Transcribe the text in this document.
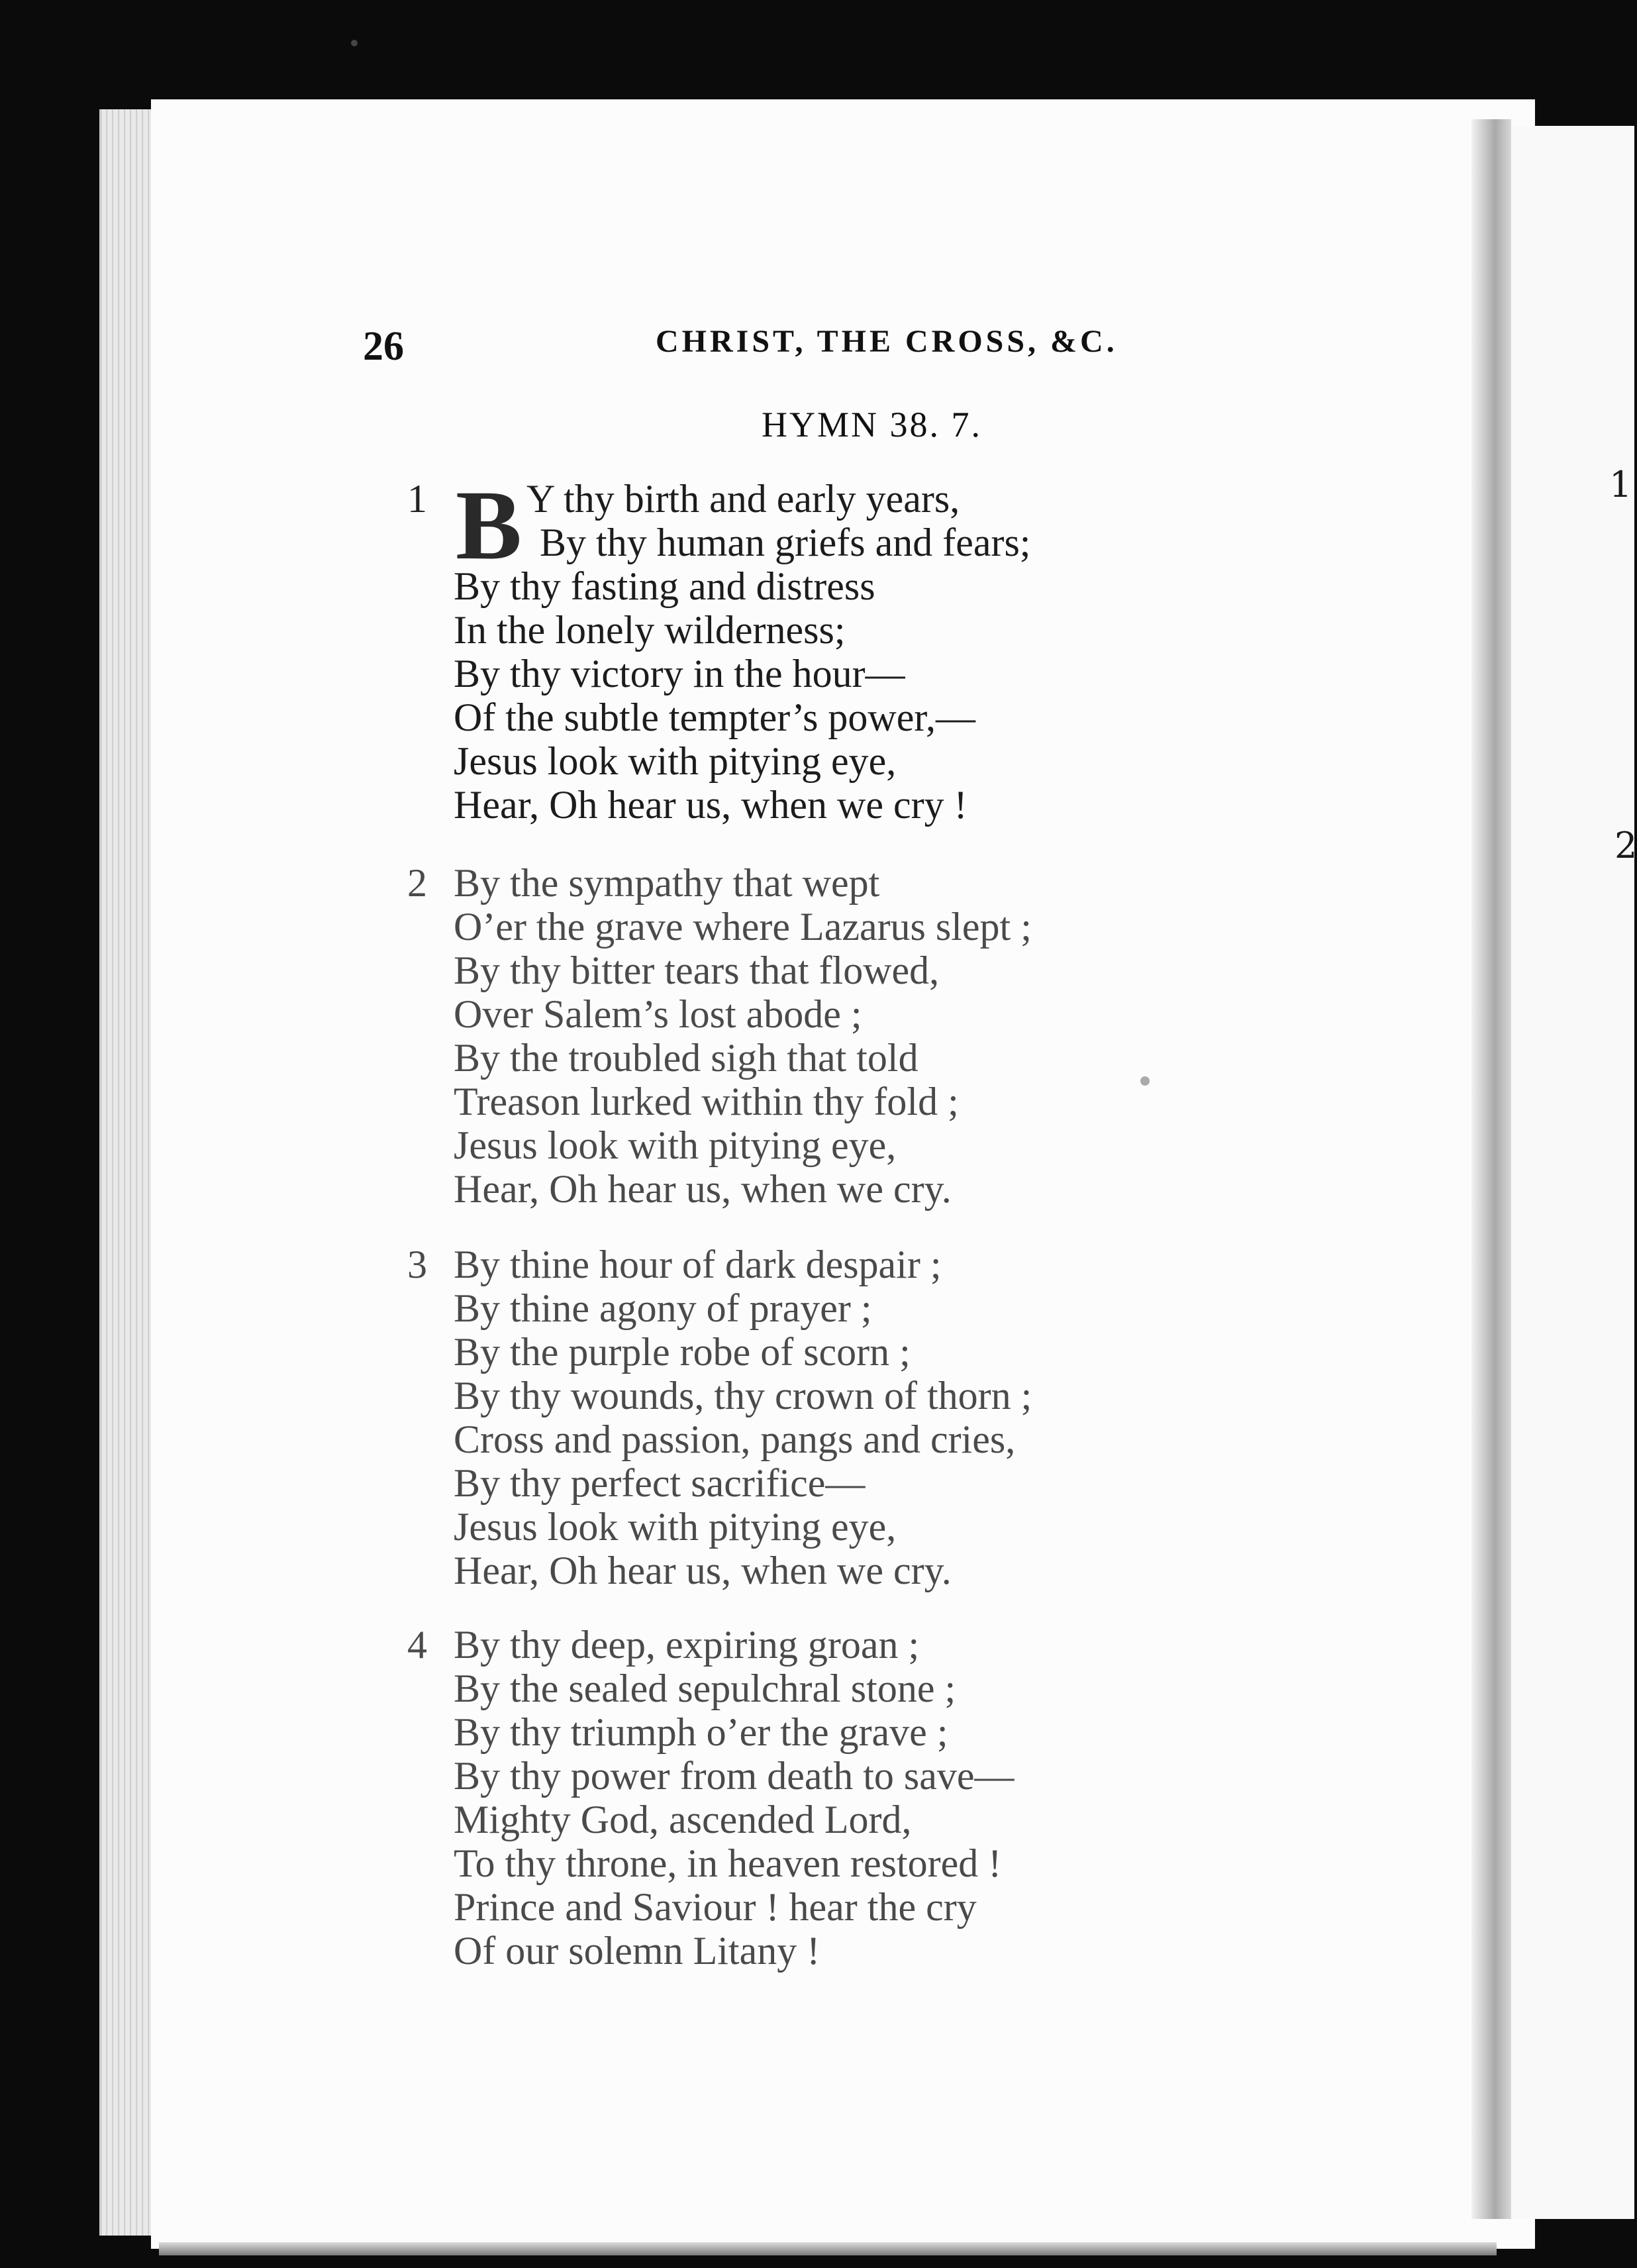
1
2
26	CHRIST, THE CROSS, &C.
HYMN 38. 7.
B
1	Y thy birth and early years,
By thy human griefs and fears;
By thy fasting and distress
In the lonely wilderness;
By thy victory in the hour—
Of the subtle tempter’s power,—
Jesus look with pitying eye,
Hear, Oh hear us, when we cry !
2 By the sympathy that wept
O’er the grave where Lazarus slept ;
By thy bitter tears that flowed,
Over Salem’s lost abode ;
By the troubled sigh that told
Treason lurked within thy fold ;
Jesus look with pitying eye,
Hear, Oh hear us, when we cry.
3 By thine hour of dark despair ;
By thine agony of prayer ;
By the purple robe of scorn ;
By thy wounds, thy crown of thorn ;
Cross and passion, pangs and cries,
By thy perfect sacrifice—
Jesus look with pitying eye,
Hear, Oh hear us, when we cry.
4 By thy deep, expiring groan ;
By the sealed sepulchral stone ;
By thy triumph o’er the grave ;
By thy power from death to save—
Mighty God, ascended Lord,
To thy throne, in heaven restored !
Prince and Saviour ! hear the cry
Of our solemn Litany !
